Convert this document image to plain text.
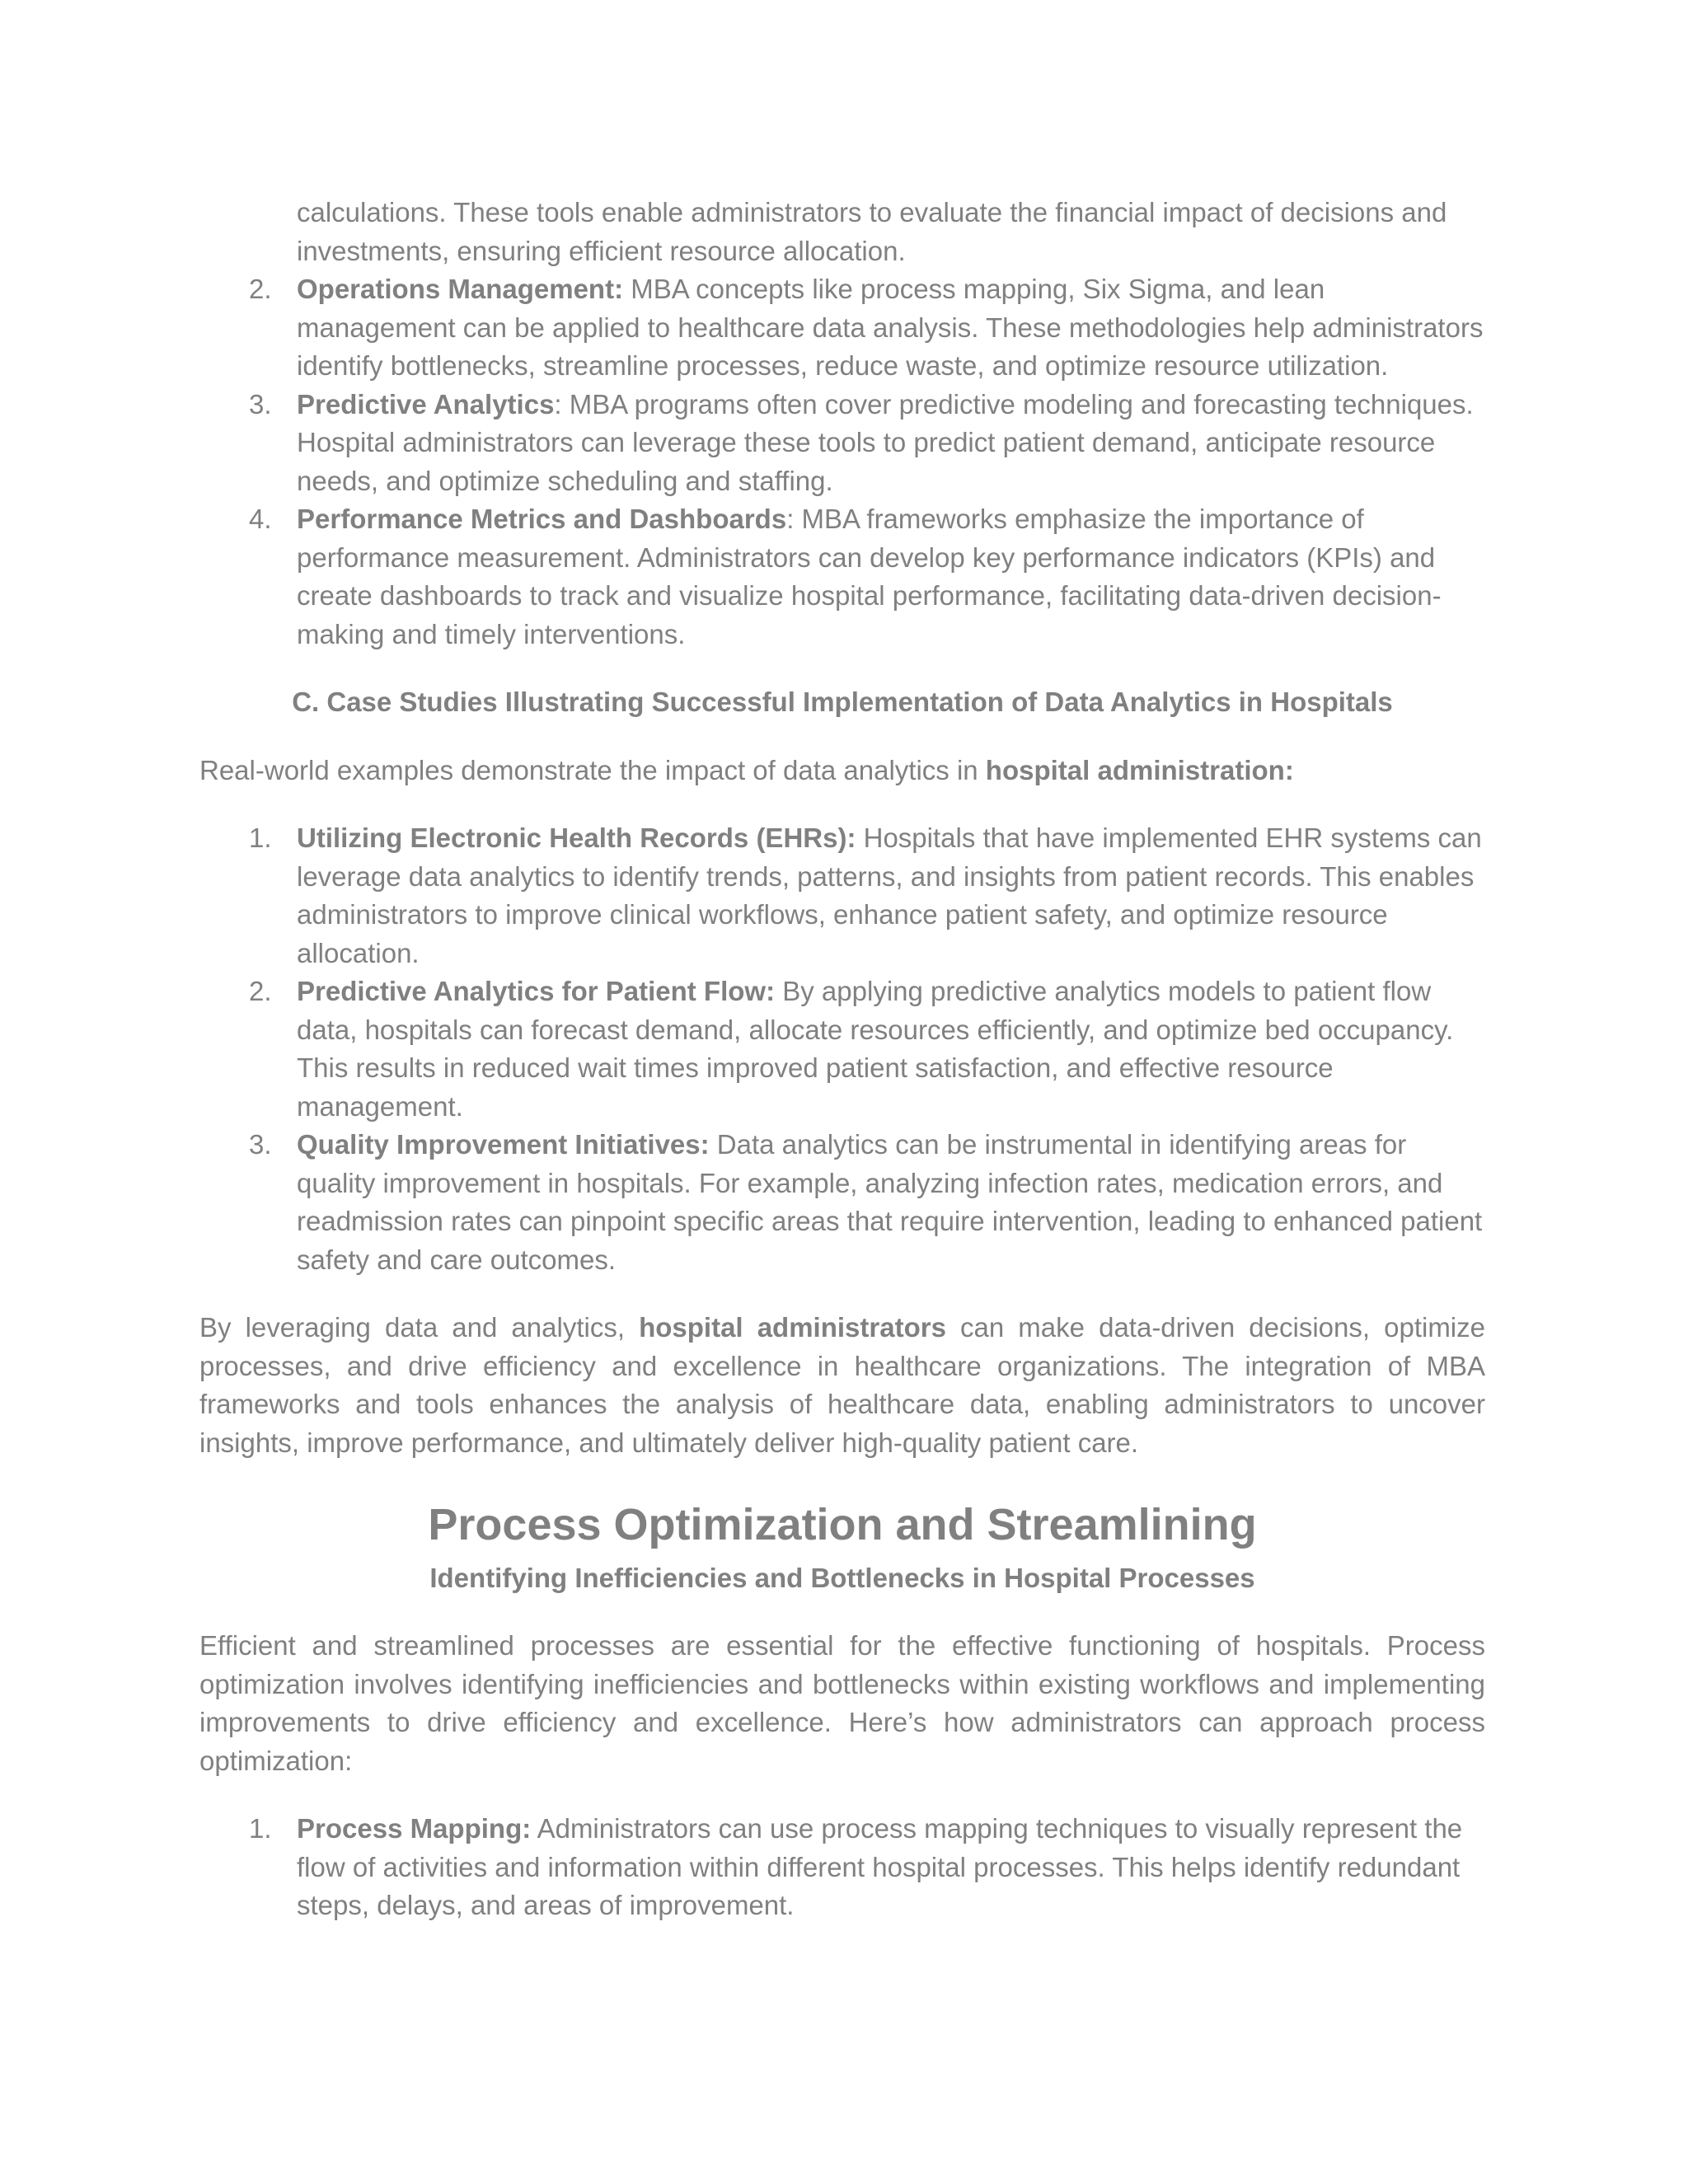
calculations. These tools enable administrators to evaluate the financial impact of decisions and investments, ensuring efficient resource allocation.
2. Operations Management: MBA concepts like process mapping, Six Sigma, and lean management can be applied to healthcare data analysis. These methodologies help administrators identify bottlenecks, streamline processes, reduce waste, and optimize resource utilization.
3. Predictive Analytics: MBA programs often cover predictive modeling and forecasting techniques. Hospital administrators can leverage these tools to predict patient demand, anticipate resource needs, and optimize scheduling and staffing.
4. Performance Metrics and Dashboards: MBA frameworks emphasize the importance of performance measurement. Administrators can develop key performance indicators (KPIs) and create dashboards to track and visualize hospital performance, facilitating data-driven decision-making and timely interventions.
C. Case Studies Illustrating Successful Implementation of Data Analytics in Hospitals

Real-world examples demonstrate the impact of data analytics in hospital administration:

1. Utilizing Electronic Health Records (EHRs): Hospitals that have implemented EHR systems can leverage data analytics to identify trends, patterns, and insights from patient records. This enables administrators to improve clinical workflows, enhance patient safety, and optimize resource allocation.
2. Predictive Analytics for Patient Flow: By applying predictive analytics models to patient flow data, hospitals can forecast demand, allocate resources efficiently, and optimize bed occupancy. This results in reduced wait times improved patient satisfaction, and effective resource management.
3. Quality Improvement Initiatives: Data analytics can be instrumental in identifying areas for quality improvement in hospitals. For example, analyzing infection rates, medication errors, and readmission rates can pinpoint specific areas that require intervention, leading to enhanced patient safety and care outcomes.

By leveraging data and analytics, hospital administrators can make data-driven decisions, optimize processes, and drive efficiency and excellence in healthcare organizations. The integration of MBA frameworks and tools enhances the analysis of healthcare data, enabling administrators to uncover insights, improve performance, and ultimately deliver high-quality patient care.

Process Optimization and Streamlining
Identifying Inefficiencies and Bottlenecks in Hospital Processes

Efficient and streamlined processes are essential for the effective functioning of hospitals. Process optimization involves identifying inefficiencies and bottlenecks within existing workflows and implementing improvements to drive efficiency and excellence. Here’s how administrators can approach process optimization:

1. Process Mapping: Administrators can use process mapping techniques to visually represent the flow of activities and information within different hospital processes. This helps identify redundant steps, delays, and areas of improvement.
